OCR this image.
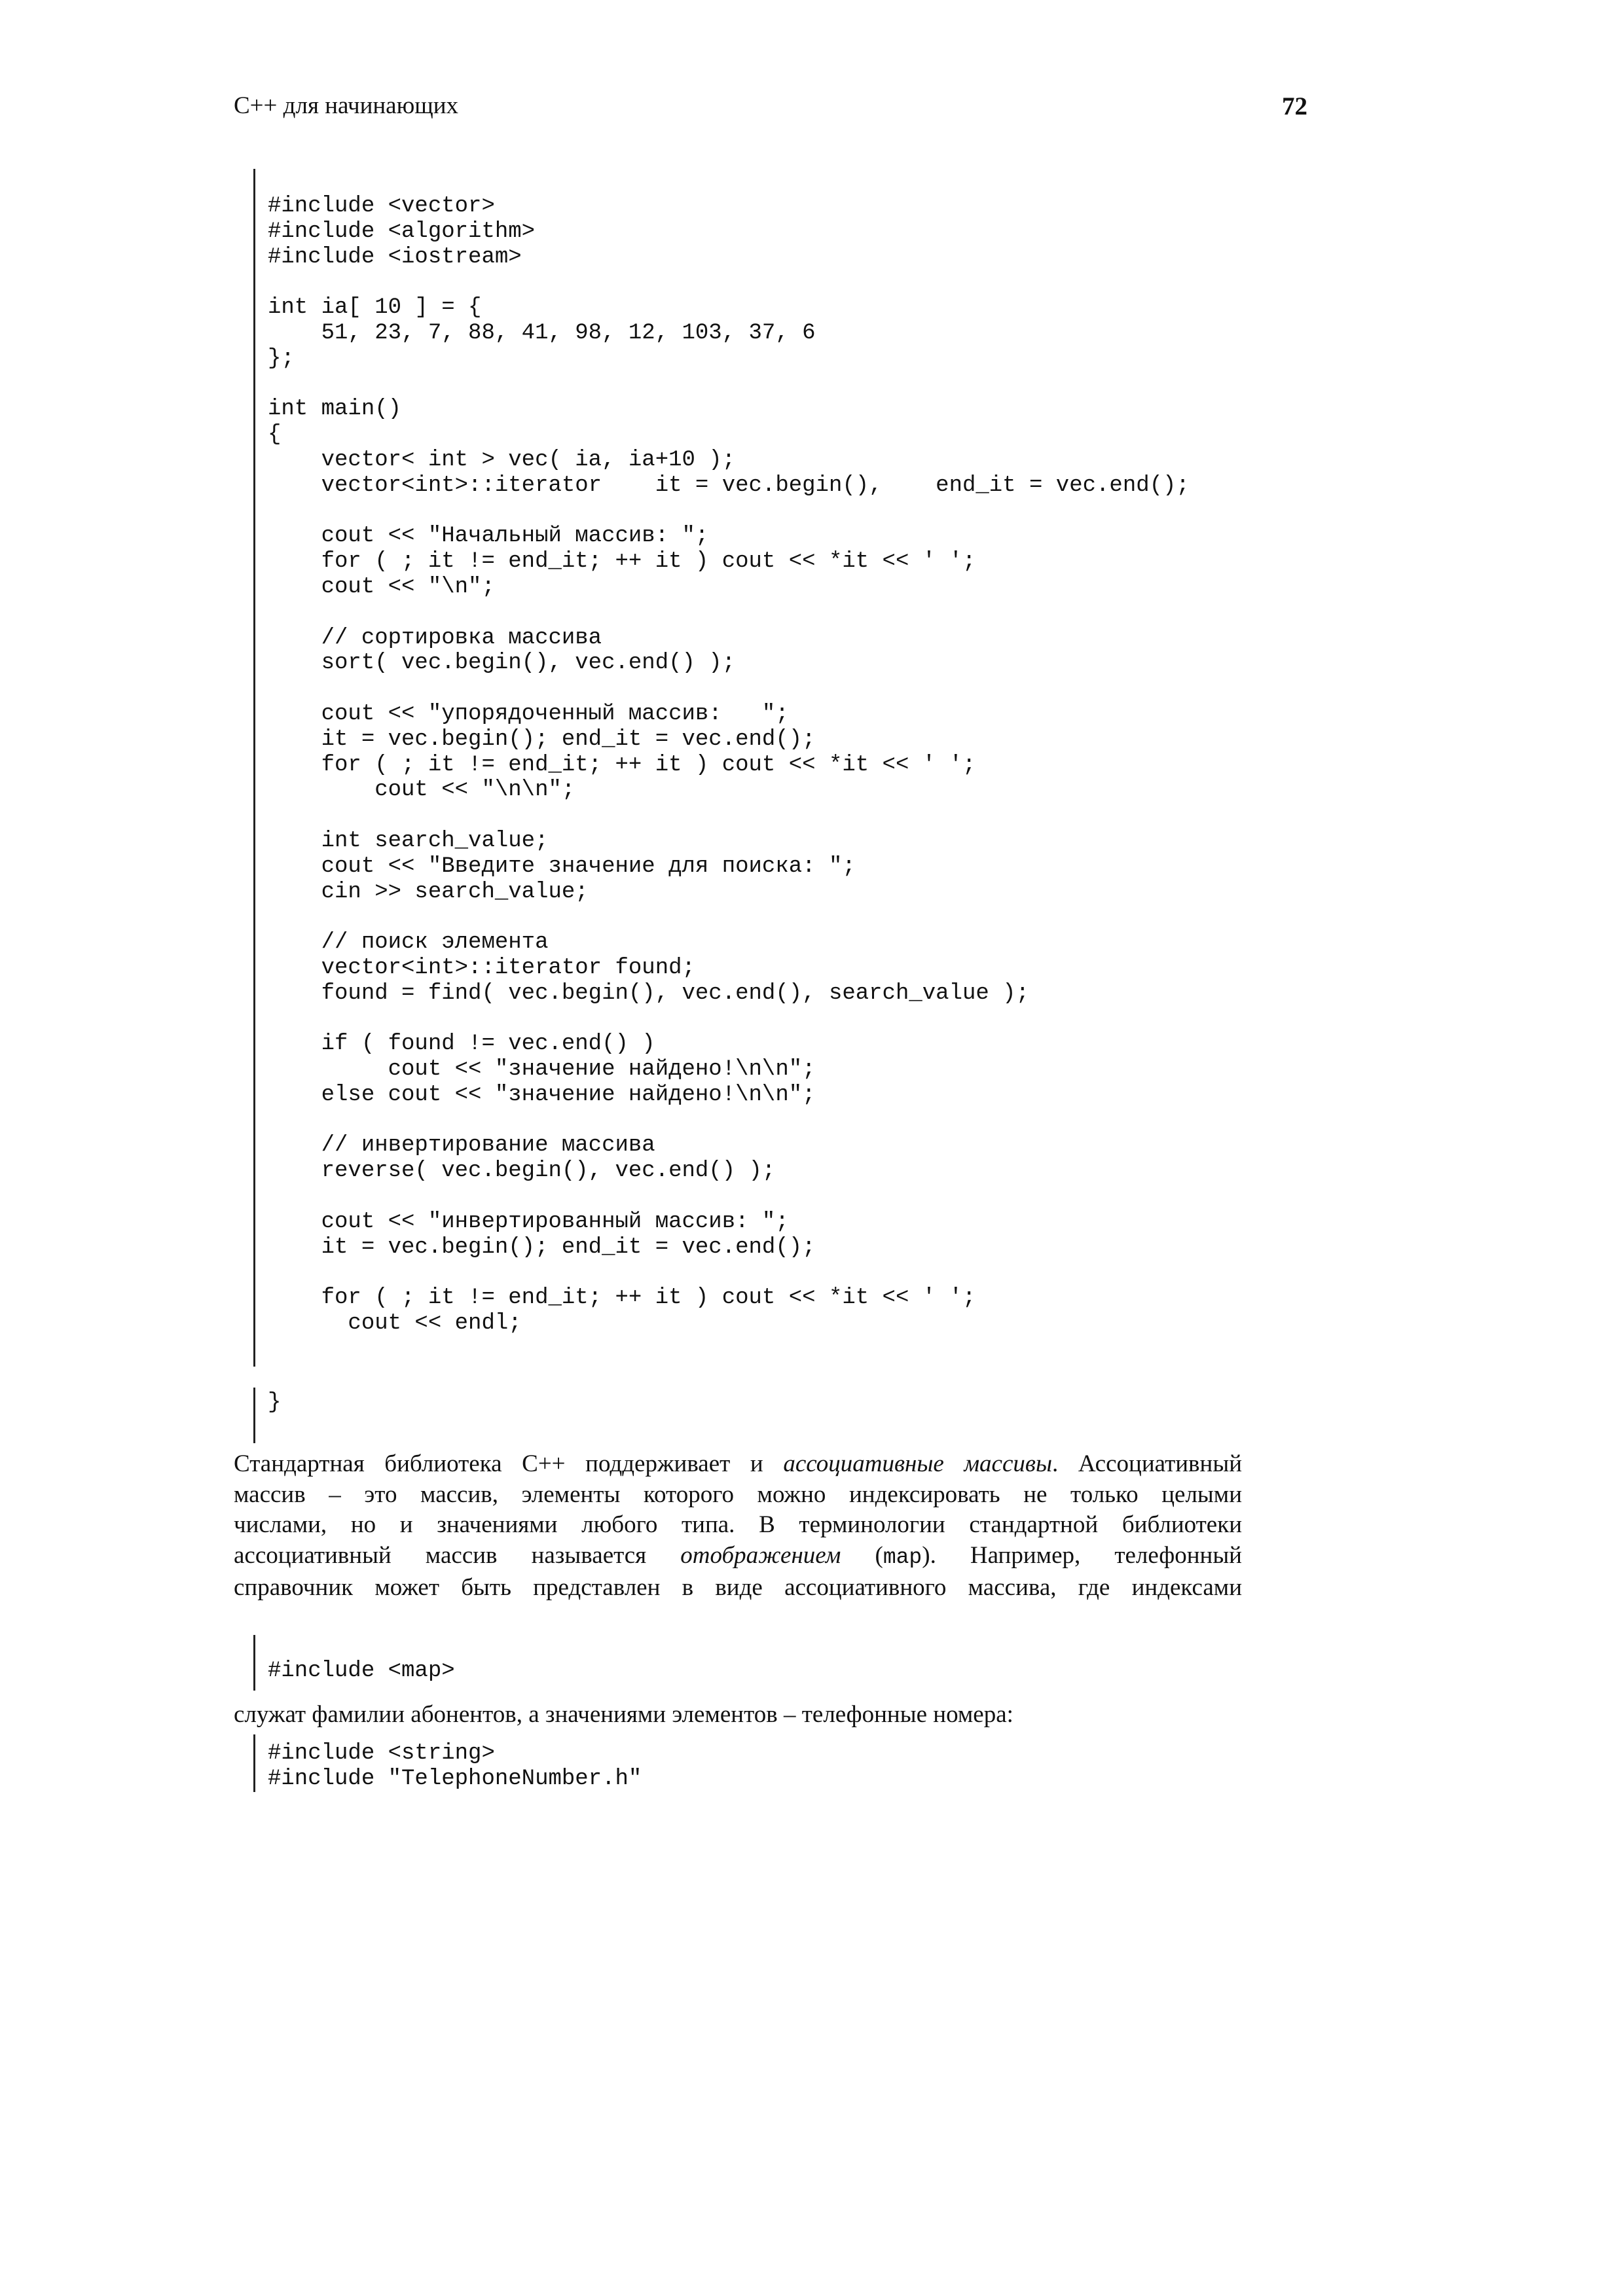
С++ для начинающих	72
#include <vector>
#include <algorithm>
#include <iostream>

int ia[ 10 ] = {
51, 23, 7, 88, 41, 98, 12, 103, 37, 6
};

int main()
{
vector< int > vec( ia, ia+10 );
vector<int>::iterator    it = vec.begin(),    end_it = vec.end();

cout << "Начальный массив: ";
for ( ; it != end_it; ++ it ) cout << *it << ' ';
cout << "\n";

// сортировка массива
sort( vec.begin(), vec.end() );

cout << "упорядоченный массив:   ";
it = vec.begin(); end_it = vec.end();
for ( ; it != end_it; ++ it ) cout << *it << ' ';
cout << "\n\n";

int search_value;
cout << "Введите значение для поиска: ";
cin >> search_value;

// поиск элемента
vector<int>::iterator found;
found = find( vec.begin(), vec.end(), search_value );

if ( found != vec.end() )
cout << "значение найдено!\n\n";
else cout << "значение найдено!\n\n";

// инвертирование массива
reverse( vec.begin(), vec.end() );

cout << "инвертированный массив: ";
it = vec.begin(); end_it = vec.end();

for ( ; it != end_it; ++ it ) cout << *it << ' ';
cout << endl;
}
Стандартная библиотека С++ поддерживает и ассоциативные массивы. Ассоциативный
массив – это массив, элементы которого можно индексировать не только целыми
числами, но и значениями любого типа. В терминологии стандартной библиотеки
ассоциативный массив называется отображением (map). Например, телефонный
справочник может быть представлен в виде ассоциативного массива, где индексами
#include <map>
служат фамилии абонентов, а значениями элементов – телефонные номера:
#include <string>
#include "TelephoneNumber.h"
